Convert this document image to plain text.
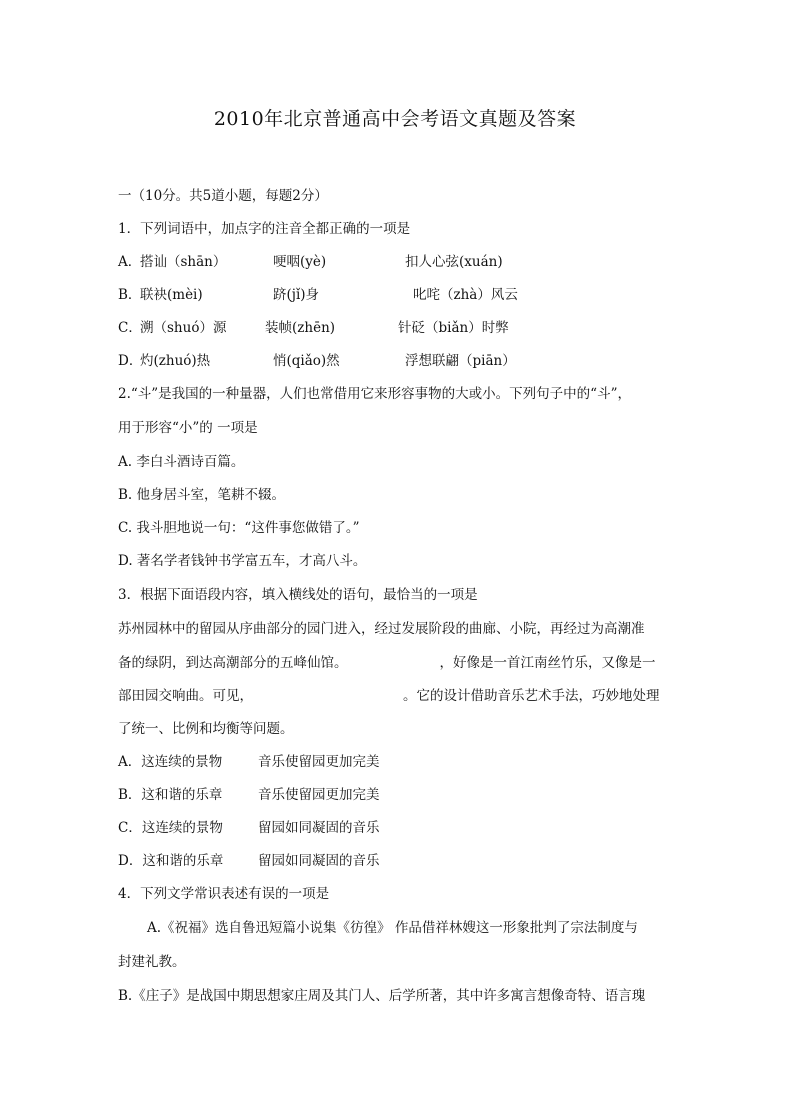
2010年北京普通高中会考语文真题及答案
一（10分。共5道小题，每题2分）
1．下列词语中，加点字的注音全都正确的一项是
A．
搭讪（shān）	哽咽(yè)	扣人心弦(xuán)
B．
联袂(mèi)	跻(jǐ)身	叱咤（zhà）风云
C．
溯（shuó）源	装帧(zhēn)	针砭（biǎn）时弊
D．
灼(zhuó)热	悄(qiǎo)然	浮想联翩（piān）
2.“斗”是我国的一种量器，人们也常借用它来形容事物的大或小。下列句子中的“斗”，
用于形容“小”的 一项是
A. 李白斗酒诗百篇。
B. 他身居斗室，笔耕不辍。
C. 我斗胆地说一句：“这件事您做错了。”
D. 著名学者钱钟书学富五车，才高八斗。
3．根据下面语段内容，填入横线处的语句，最恰当的一项是
苏州园林中的留园从序曲部分的园门进入，经过发展阶段的曲廊、小院，再经过为高潮准
备的绿阴，到达高潮部分的五峰仙馆。	，好像是一首江南丝竹乐，又像是一
部田园交响曲。可见，	。它的设计借助音乐艺术手法，巧妙地处理
了统一、比例和均衡等问题。
A．这连续的景物	音乐使留园更加完美
B．这和谐的乐章	音乐使留园更加完美
C．这连续的景物	留园如同凝固的音乐
D．这和谐的乐章	留园如同凝固的音乐
4．下列文学常识表述有误的一项是
A.《祝福》选自鲁迅短篇小说集《彷徨》 作品借祥林嫂这一形象批判了宗法制度与
封建礼教。
B.《庄子》是战国中期思想家庄周及其门人、后学所著，其中许多寓言想像奇特、语言瑰
